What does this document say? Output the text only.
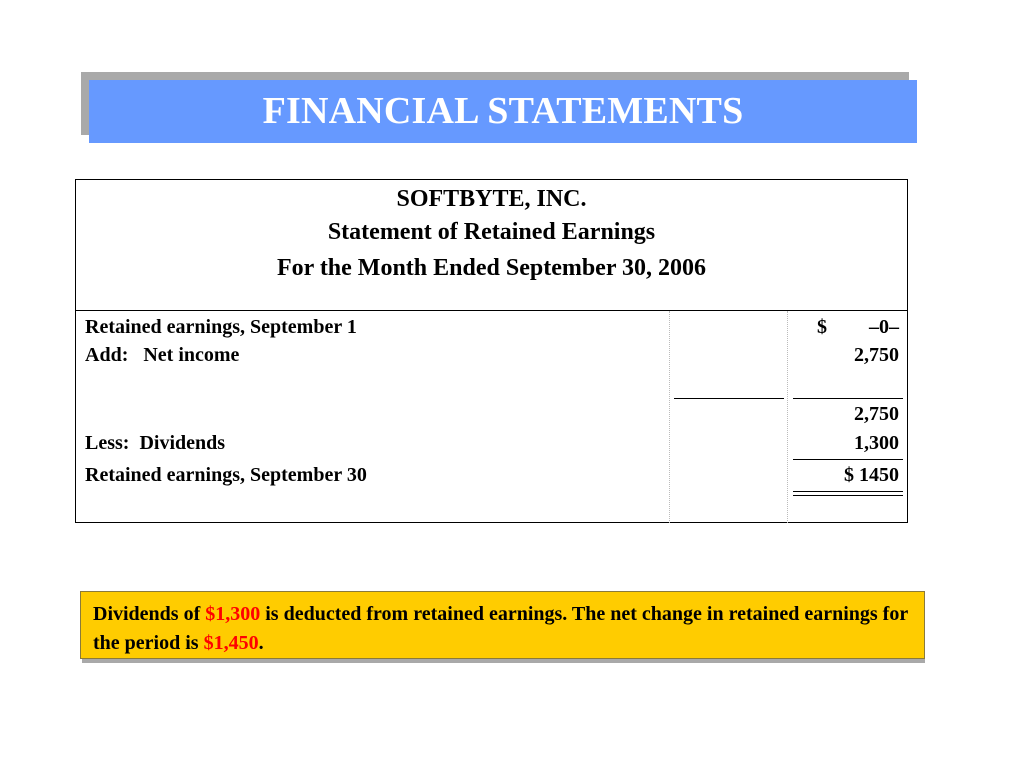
FINANCIAL STATEMENTS
SOFTBYTE, INC.
Statement of Retained Earnings
For the Month Ended September 30, 2006
Retained earnings, September 1	$ –0–
Add:   Net income	2,750
2,750
Less:  Dividends	1,300
Retained earnings, September 30	$ 1450
Dividends of $1,300 is deducted from retained earnings. The net change in retained earnings for the period is $1,450.
